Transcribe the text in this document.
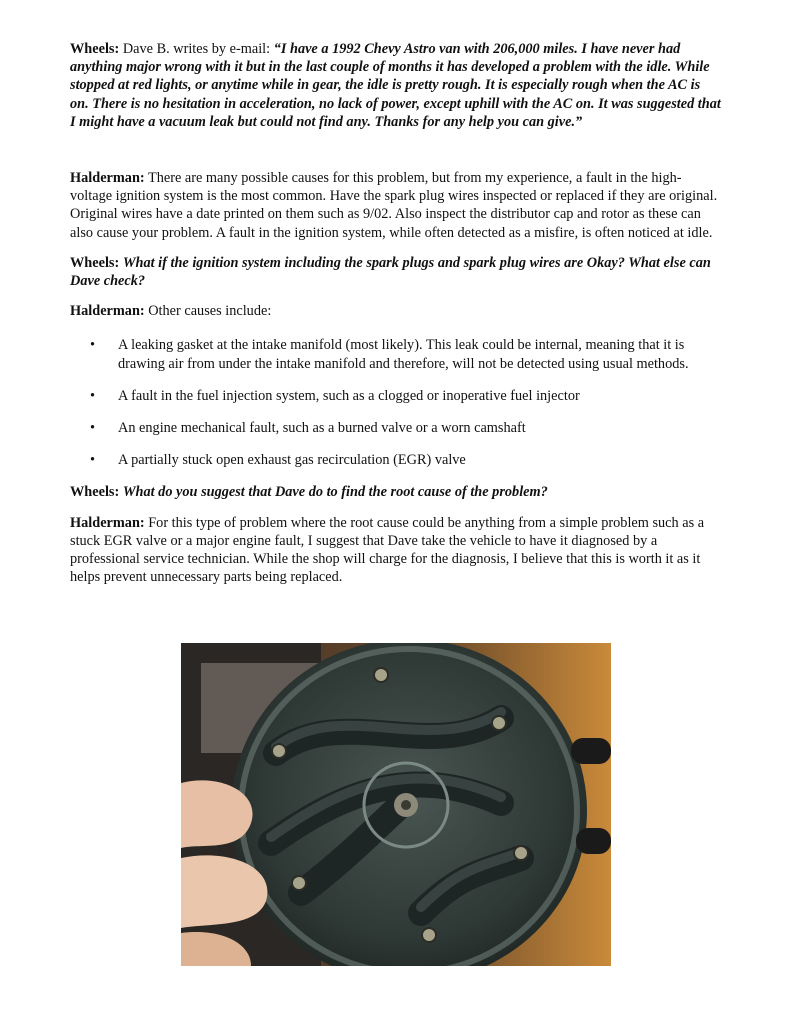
Wheels: Dave B. writes by e-mail: “I have a 1992 Chevy Astro van with 206,000 miles. I have never had anything major wrong with it but in the last couple of months it has developed a problem with the idle. While stopped at red lights, or anytime while in gear, the idle is pretty rough. It is especially rough when the AC is on. There is no hesitation in acceleration, no lack of power, except uphill with the AC on. It was suggested that I might have a vacuum leak but could not find any. Thanks for any help you can give.”

Halderman: There are many possible causes for this problem, but from my experience, a fault in the high- voltage ignition system is the most common. Have the spark plug wires inspected or replaced if they are original. Original wires have a date printed on them such as 9/02. Also inspect the distributor cap and rotor as these can also cause your problem. A fault in the ignition system, while often detected as a misfire, is often noticed at idle.

Wheels: What if the ignition system including the spark plugs and spark plug wires are Okay? What else can Dave check?

Halderman: Other causes include:

• A leaking gasket at the intake manifold (most likely). This leak could be internal, meaning that it is drawing air from under the intake manifold and therefore, will not be detected using usual methods.
• A fault in the fuel injection system, such as a clogged or inoperative fuel injector
• An engine mechanical fault, such as a burned valve or a worn camshaft
• A partially stuck open exhaust gas recirculation (EGR) valve

Wheels: What do you suggest that Dave do to find the root cause of the problem?

Halderman: For this type of problem where the root cause could be anything from a simple problem such as a stuck EGR valve or a major engine fault, I suggest that Dave take the vehicle to have it diagnosed by a professional service technician. While the shop will charge for the diagnosis, I believe that this is worth it as it helps prevent unnecessary parts being replaced.
